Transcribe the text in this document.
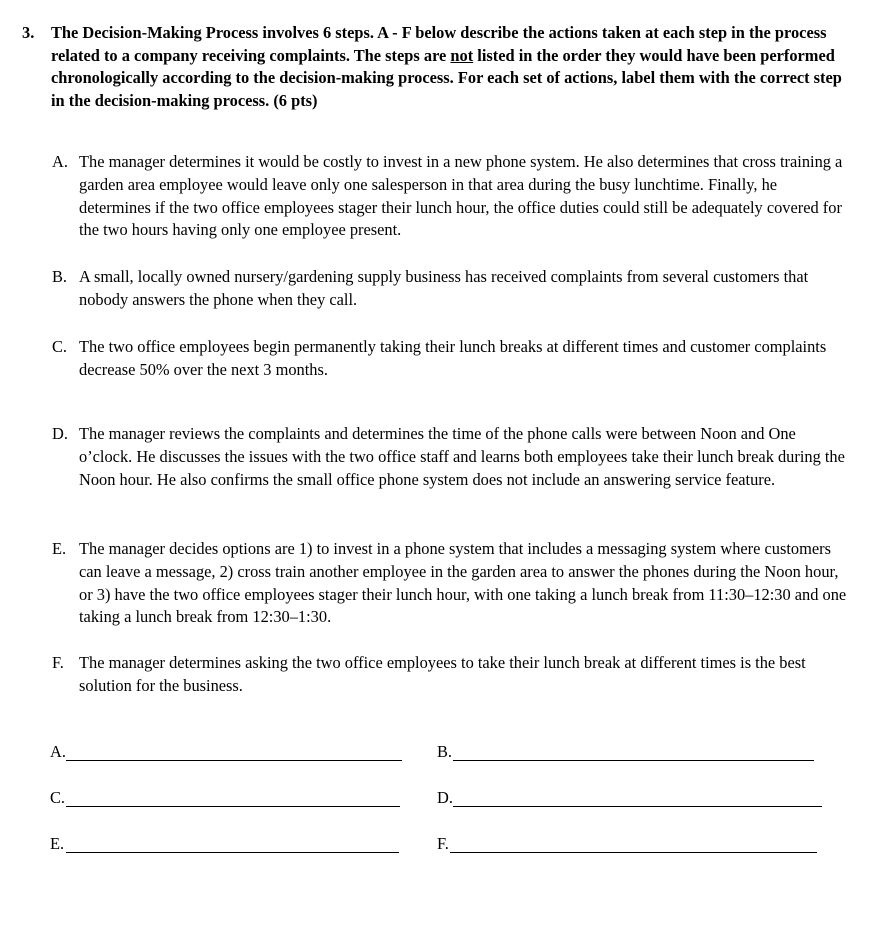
3. The Decision-Making Process involves 6 steps. A - F below describe the actions taken at each step in the process related to a company receiving complaints. The steps are not listed in the order they would have been performed chronologically according to the decision-making process. For each set of actions, label them with the correct step in the decision-making process. (6 pts)
A. The manager determines it would be costly to invest in a new phone system. He also determines that cross training a garden area employee would leave only one salesperson in that area during the busy lunchtime. Finally, he determines if the two office employees stager their lunch hour, the office duties could still be adequately covered for the two hours having only one employee present.
B. A small, locally owned nursery/gardening supply business has received complaints from several customers that nobody answers the phone when they call.
C. The two office employees begin permanently taking their lunch breaks at different times and customer complaints decrease 50% over the next 3 months.
D. The manager reviews the complaints and determines the time of the phone calls were between Noon and One o’clock. He discusses the issues with the two office staff and learns both employees take their lunch break during the Noon hour. He also confirms the small office phone system does not include an answering service feature.
E. The manager decides options are 1) to invest in a phone system that includes a messaging system where customers can leave a message, 2) cross train another employee in the garden area to answer the phones during the Noon hour, or 3) have the two office employees stager their lunch hour, with one taking a lunch break from 11:30–12:30 and one taking a lunch break from 12:30–1:30.
F. The manager determines asking the two office employees to take their lunch break at different times is the best solution for the business.
A.	B.
C.	D.
E.	F.
